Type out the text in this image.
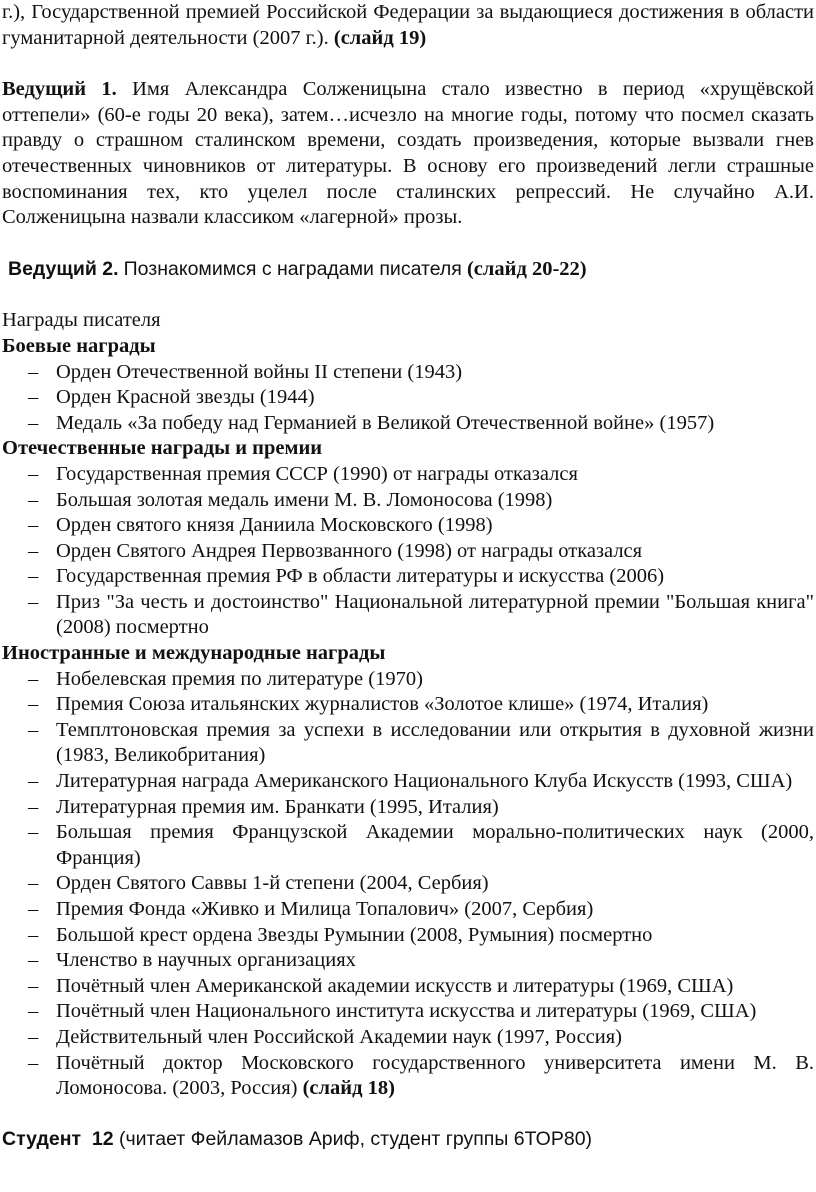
г.), Государственной премией Российской Федерации за выдающиеся достижения в области гуманитарной деятельности (2007 г.). (слайд 19)

Ведущий 1. Имя Александра Солженицына стало известно в период «хрущёвской оттепели» (60-е годы 20 века), затем…исчезло на многие годы, потому что посмел сказать правду о страшном сталинском времени, создать произведения, которые вызвали гнев отечественных чиновников от литературы. В основу его произведений легли страшные воспоминания тех, кто уцелел после сталинских репрессий. Не случайно А.И. Солженицына назвали классиком «лагерной» прозы.

Ведущий 2. Познакомимся с наградами писателя (слайд 20-22)

Награды писателя

Боевые награды

– Орден Отечественной войны II степени (1943)
– Орден Красной звезды (1944)
– Медаль «За победу над Германией в Великой Отечественной войне» (1957)

Отечественные награды и премии

– Государственная премия СССР (1990) от награды отказался
– Большая золотая медаль имени М. В. Ломоносова (1998)
– Орден святого князя Даниила Московского (1998)
– Орден Святого Андрея Первозванного (1998) от награды отказался
– Государственная премия РФ в области литературы и искусства (2006)
– Приз "За честь и достоинство" Национальной литературной премии "Большая книга" (2008) посмертно

Иностранные и международные награды

– Нобелевская премия по литературе (1970)
– Премия Союза итальянских журналистов «Золотое клише» (1974, Италия)
– Темплтоновская премия за успехи в исследовании или открытия в духовной жизни (1983, Великобритания)
– Литературная награда Американского Национального Клуба Искусств (1993, США)
– Литературная премия им. Бранкати (1995, Италия)
– Большая премия Французской Академии морально-политических наук (2000, Франция)
– Орден Святого Саввы 1-й степени (2004, Сербия)
– Премия Фонда «Живко и Милица Топалович» (2007, Сербия)
– Большой крест ордена Звезды Румынии (2008, Румыния) посмертно
– Членство в научных организациях
– Почётный член Американской академии искусств и литературы (1969, США)
– Почётный член Национального института искусства и литературы (1969, США)
– Действительный член Российской Академии наук (1997, Россия)
– Почётный доктор Московского государственного университета имени М. В. Ломоносова. (2003, Россия) (слайд 18)

Студент  12 (читает Фейламазов Ариф, студент группы 6ТОР80)
